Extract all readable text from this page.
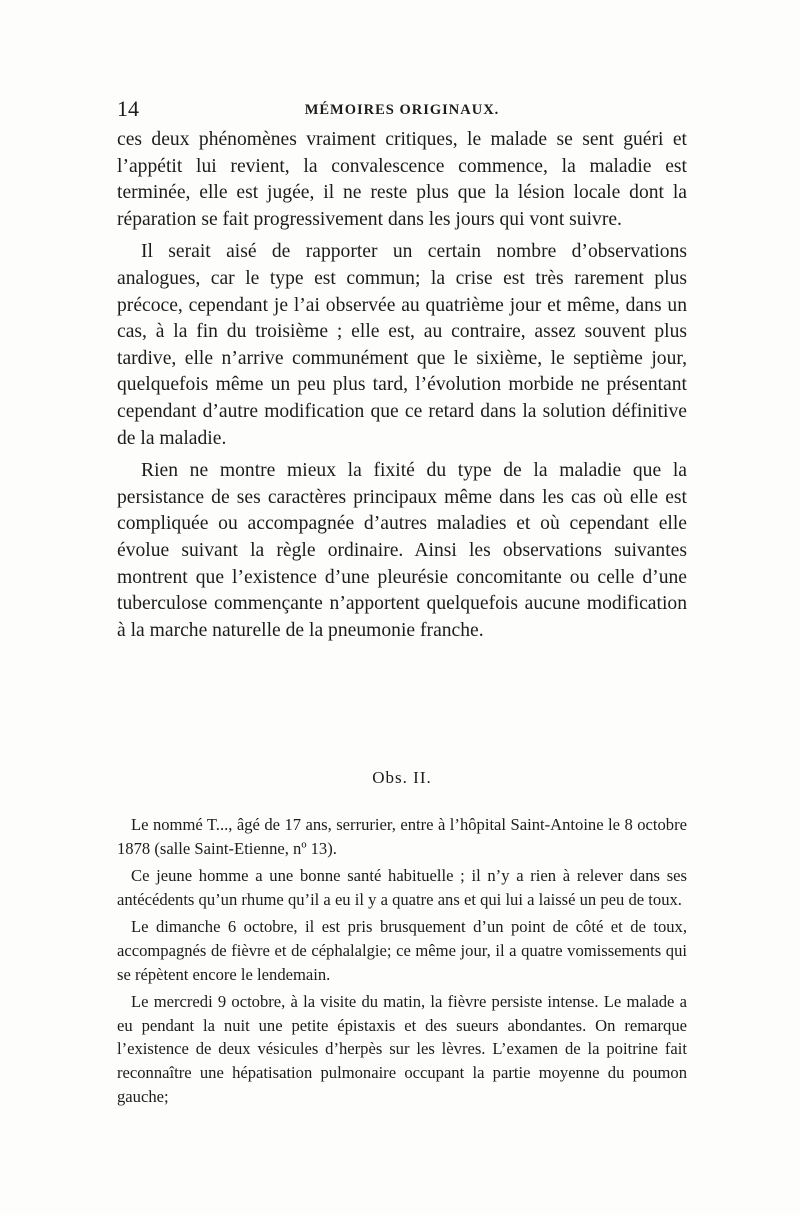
14	MÉMOIRES ORIGINAUX.

ces deux phénomènes vraiment critiques, le malade se sent guéri et l’appétit lui revient, la convalescence commence, la maladie est terminée, elle est jugée, il ne reste plus que la lésion locale dont la réparation se fait progressivement dans les jours qui vont suivre.

Il serait aisé de rapporter un certain nombre d’observations analogues, car le type est commun; la crise est très rarement plus précoce, cependant je l’ai observée au quatrième jour et même, dans un cas, à la fin du troisième ; elle est, au contraire, assez souvent plus tardive, elle n’arrive communément que le sixième, le septième jour, quelquefois même un peu plus tard, l’évolution morbide ne présentant cependant d’autre modification que ce retard dans la solution définitive de la maladie.

Rien ne montre mieux la fixité du type de la maladie que la persistance de ses caractères principaux même dans les cas où elle est compliquée ou accompagnée d’autres maladies et où cependant elle évolue suivant la règle ordinaire. Ainsi les observations suivantes montrent que l’existence d’une pleurésie concomitante ou celle d’une tuberculose commençante n’apportent quelquefois aucune modification à la marche naturelle de la pneumonie franche.

Obs. II.

Le nommé T..., âgé de 17 ans, serrurier, entre à l’hôpital Saint-Antoine le 8 octobre 1878 (salle Saint-Etienne, nº 13).

Ce jeune homme a une bonne santé habituelle ; il n’y a rien à relever dans ses antécédents qu’un rhume qu’il a eu il y a quatre ans et qui lui a laissé un peu de toux.

Le dimanche 6 octobre, il est pris brusquement d’un point de côté et de toux, accompagnés de fièvre et de céphalalgie; ce même jour, il a quatre vomissements qui se répètent encore le lendemain.

Le mercredi 9 octobre, à la visite du matin, la fièvre persiste intense. Le malade a eu pendant la nuit une petite épistaxis et des sueurs abondantes. On remarque l’existence de deux vésicules d’herpès sur les lèvres. L’examen de la poitrine fait reconnaître une hépatisation pulmonaire occupant la partie moyenne du poumon gauche;
